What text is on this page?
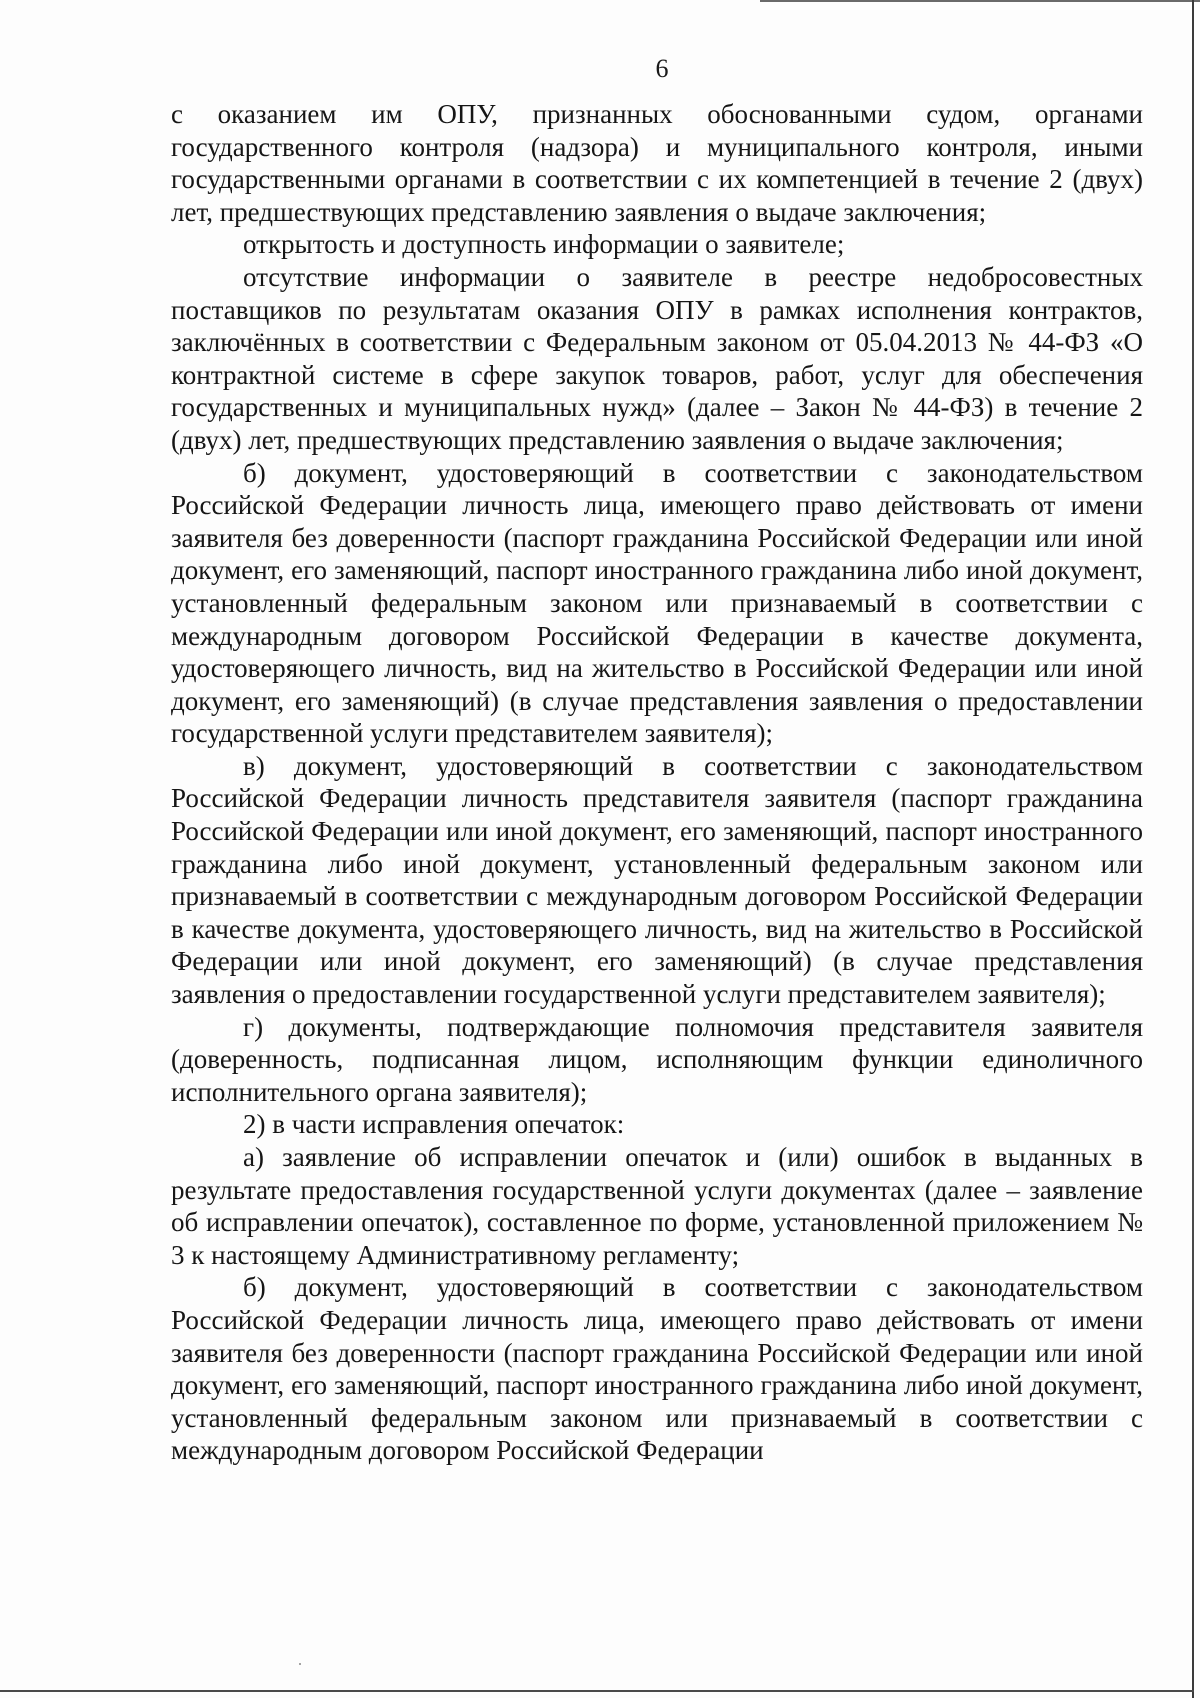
6

с оказанием им ОПУ, признанных обоснованными судом, органами государственного контроля (надзора) и муниципального контроля, иными государственными органами в соответствии с их компетенцией в течение 2 (двух) лет, предшествующих представлению заявления о выдаче заключения;

открытость и доступность информации о заявителе;

отсутствие информации о заявителе в реестре недобросовестных поставщиков по результатам оказания ОПУ в рамках исполнения контрактов, заключённых в соответствии с Федеральным законом от 05.04.2013 № 44-ФЗ «О контрактной системе в сфере закупок товаров, работ, услуг для обеспечения государственных и муниципальных нужд» (далее – Закон № 44-ФЗ) в течение 2 (двух) лет, предшествующих представлению заявления о выдаче заключения;

б) документ, удостоверяющий в соответствии с законодательством Российской Федерации личность лица, имеющего право действовать от имени заявителя без доверенности (паспорт гражданина Российской Федерации или иной документ, его заменяющий, паспорт иностранного гражданина либо иной документ, установленный федеральным законом или признаваемый в соответствии с международным договором Российской Федерации в качестве документа, удостоверяющего личность, вид на жительство в Российской Федерации или иной документ, его заменяющий) (в случае представления заявления о предоставлении государственной услуги представителем заявителя);

в) документ, удостоверяющий в соответствии с законодательством Российской Федерации личность представителя заявителя (паспорт гражданина Российской Федерации или иной документ, его заменяющий, паспорт иностранного гражданина либо иной документ, установленный федеральным законом или признаваемый в соответствии с международным договором Российской Федерации в качестве документа, удостоверяющего личность, вид на жительство в Российской Федерации или иной документ, его заменяющий) (в случае представления заявления о предоставлении государственной услуги представителем заявителя);

г) документы, подтверждающие полномочия представителя заявителя (доверенность, подписанная лицом, исполняющим функции единоличного исполнительного органа заявителя);

2) в части исправления опечаток:

а) заявление об исправлении опечаток и (или) ошибок в выданных в результате предоставления государственной услуги документах (далее – заявление об исправлении опечаток), составленное по форме, установленной приложением № 3 к настоящему Административному регламенту;

б) документ, удостоверяющий в соответствии с законодательством Российской Федерации личность лица, имеющего право действовать от имени заявителя без доверенности (паспорт гражданина Российской Федерации или иной документ, его заменяющий, паспорт иностранного гражданина либо иной документ, установленный федеральным законом или признаваемый в соответствии с международным договором Российской Федерации
